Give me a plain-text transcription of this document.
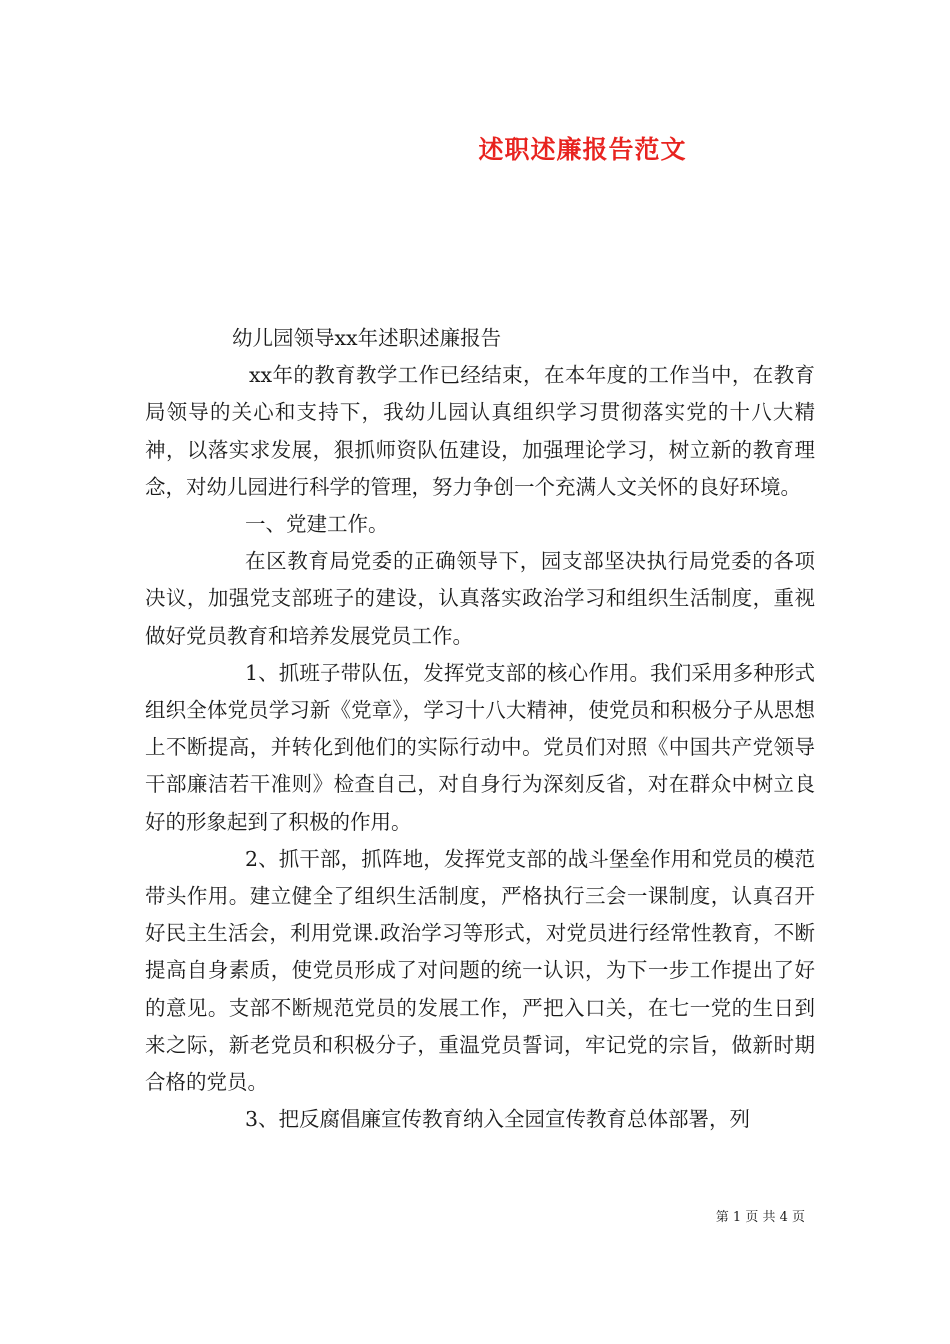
述职述廉报告范文

幼儿园领导xx年述职述廉报告

xx年的教育教学工作已经结束，在本年度的工作当中，在教育局领导的关心和支持下，我幼儿园认真组织学习贯彻落实党的十八大精神，以落实求发展，狠抓师资队伍建设，加强理论学习，树立新的教育理念，对幼儿园进行科学的管理，努力争创一个充满人文关怀的良好环境。

一、党建工作。

在区教育局党委的正确领导下，园支部坚决执行局党委的各项决议，加强党支部班子的建设，认真落实政治学习和组织生活制度，重视做好党员教育和培养发展党员工作。

1、抓班子带队伍，发挥党支部的核心作用。我们采用多种形式组织全体党员学习新《党章》，学习十八大精神，使党员和积极分子从思想上不断提高，并转化到他们的实际行动中。党员们对照《中国共产党领导干部廉洁若干准则》检查自己，对自身行为深刻反省，对在群众中树立良好的形象起到了积极的作用。

2、抓干部，抓阵地，发挥党支部的战斗堡垒作用和党员的模范带头作用。建立健全了组织生活制度，严格执行三会一课制度，认真召开好民主生活会，利用党课.政治学习等形式，对党员进行经常性教育，不断提高自身素质，使党员形成了对问题的统一认识，为下一步工作提出了好的意见。支部不断规范党员的发展工作，严把入口关，在七一党的生日到来之际，新老党员和积极分子，重温党员誓词，牢记党的宗旨，做新时期合格的党员。

3、把反腐倡廉宣传教育纳入全园宣传教育总体部署，列

第 1 页 共 4 页
